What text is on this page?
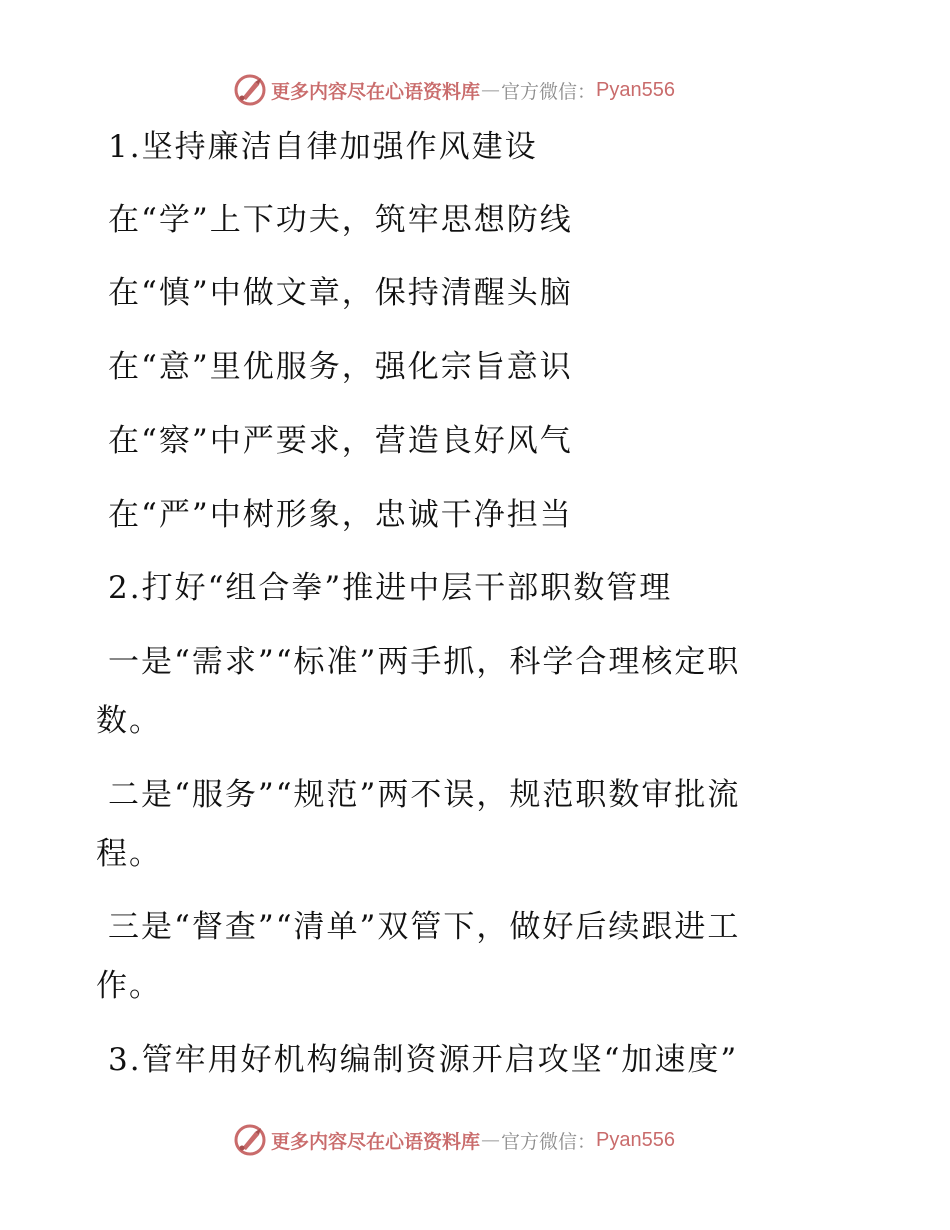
更多内容尽在心语资料库 — 官方微信： Pyan556
1.坚持廉洁自律加强作风建设
在“学”上下功夫，筑牢思想防线
在“慎”中做文章，保持清醒头脑
在“意”里优服务，强化宗旨意识
在“察”中严要求，营造良好风气
在“严”中树形象，忠诚干净担当
2.打好“组合拳”推进中层干部职数管理
一是“需求”“标准”两手抓，科学合理核定职
数。
二是“服务”“规范”两不误，规范职数审批流
程。
三是“督查”“清单”双管下，做好后续跟进工
作。
3.管牢用好机构编制资源开启攻坚“加速度”
更多内容尽在心语资料库 — 官方微信： Pyan556
